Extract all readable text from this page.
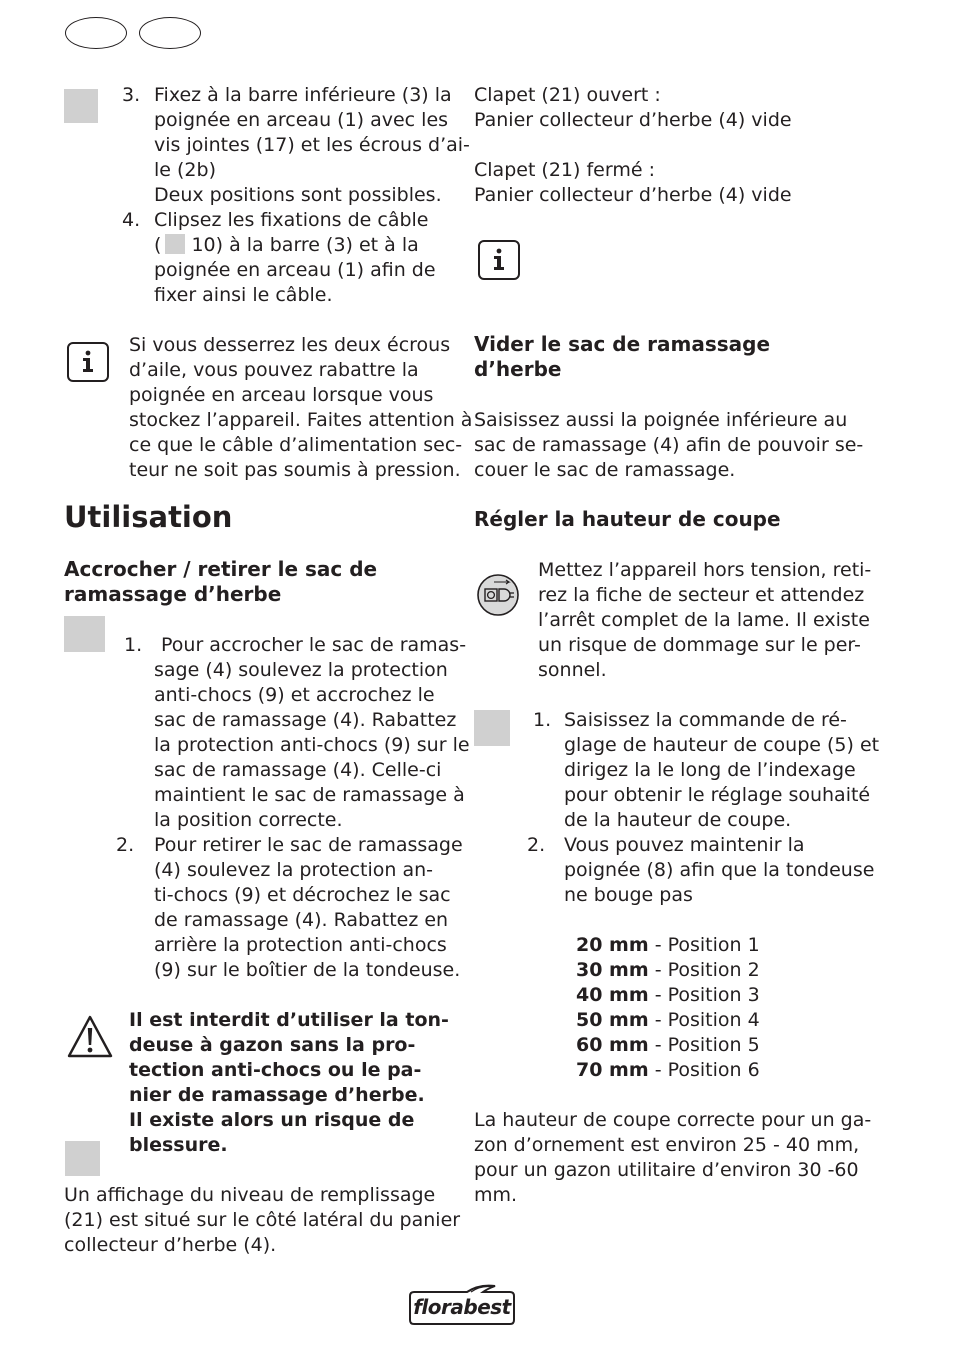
3. Fixez à la barre inférieure (3) la
poignée en arceau (1) avec les
vis jointes (17) et les écrous d’ai-
le (2b)
Deux positions sont possibles.
4. Clipsez les fixations de câble
( 10) à la barre (3) et à la
poignée en arceau (1) afin de
fixer ainsi le câble.
Si vous desserrez les deux écrous
d’aile, vous pouvez rabattre la
poignée en arceau lorsque vous
stockez l’appareil. Faites attention à
ce que le câble d’alimentation sec-
teur ne soit pas soumis à pression.
Utilisation
Accrocher / retirer le sac de
ramassage d’herbe
1. Pour accrocher le sac de ramas-
sage (4) soulevez la protection
anti-chocs (9) et accrochez le
sac de ramassage (4). Rabattez
la protection anti-chocs (9) sur le
sac de ramassage (4). Celle-ci
maintient le sac de ramassage à
la position correcte.
2. Pour retirer le sac de ramassage
(4) soulevez la protection an-
ti-chocs (9) et décrochez le sac
de ramassage (4). Rabattez en
arrière la protection anti-chocs
(9) sur le boîtier de la tondeuse.
Il est interdit d’utiliser la ton-
deuse à gazon sans la pro-
tection anti-chocs ou le pa-
nier de ramassage d’herbe.
Il existe alors un risque de
blessure.
Un affichage du niveau de remplissage
(21) est situé sur le côté latéral du panier
collecteur d’herbe (4).
Clapet (21) ouvert :
Panier collecteur d’herbe (4) vide
Clapet (21) fermé :
Panier collecteur d’herbe (4) vide
Vider le sac de ramassage
d’herbe
Saisissez aussi la poignée inférieure au
sac de ramassage (4) afin de pouvoir se-
couer le sac de ramassage.
Régler la hauteur de coupe
Mettez l’appareil hors tension, reti-
rez la fiche de secteur et attendez
l’arrêt complet de la lame. Il existe
un risque de dommage sur le per-
sonnel.
1. Saisissez la commande de ré-
glage de hauteur de coupe (5) et
dirigez la le long de l’indexage
pour obtenir le réglage souhaité
de la hauteur de coupe.
2. Vous pouvez maintenir la
poignée (8) afin que la tondeuse
ne bouge pas
20 mm - Position 1
30 mm - Position 2
40 mm - Position 3
50 mm - Position 4
60 mm - Position 5
70 mm - Position 6
La hauteur de coupe correcte pour un ga-
zon d’ornement est environ 25 - 40 mm,
pour un gazon utilitaire d’environ 30 -60
mm.
florabest
